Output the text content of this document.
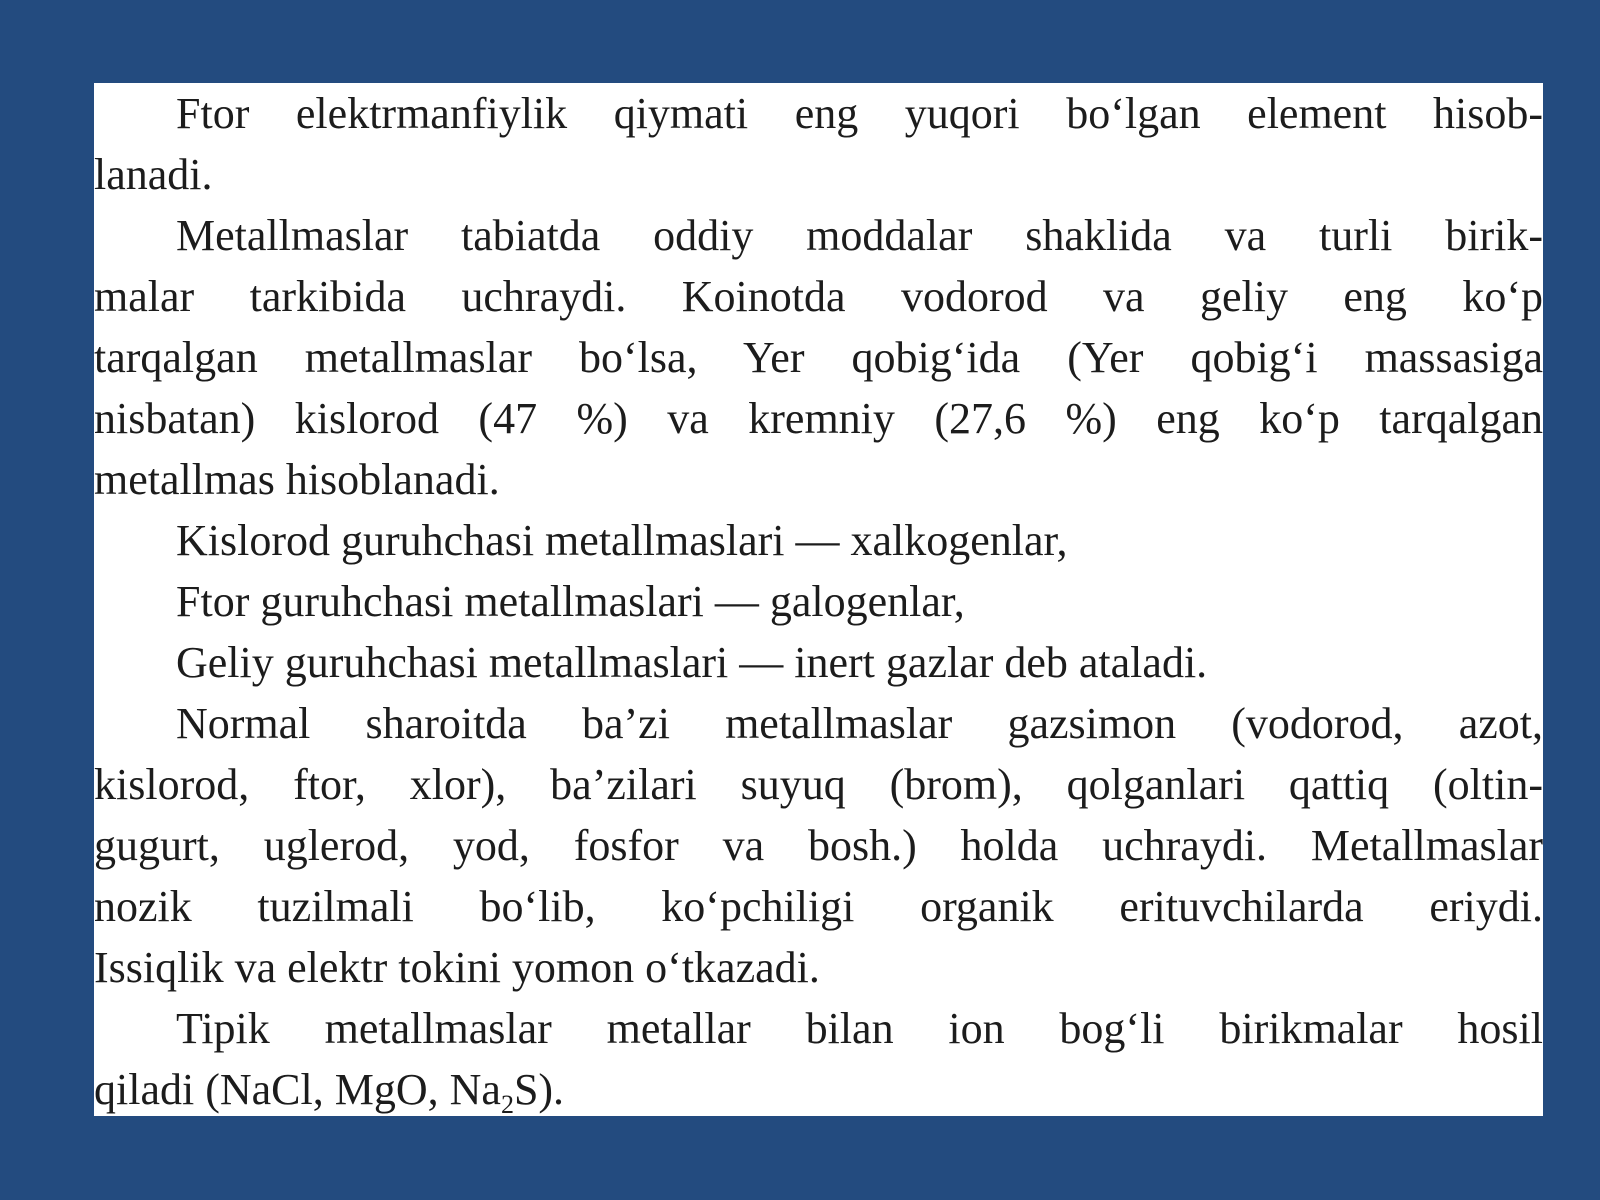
Ftor elektrmanfiylik qiymati eng yuqori bo‘lgan element hisob-
lanadi.
Metallmaslar tabiatda oddiy moddalar shaklida va turli birik-
malar tarkibida uchraydi. Koinotda vodorod va geliy eng ko‘p
tarqalgan metallmaslar bo‘lsa, Yer qobig‘ida (Yer qobig‘i massasiga
nisbatan) kislorod (47 %) va kremniy (27,6 %) eng ko‘p tarqalgan
metallmas hisoblanadi.
Kislorod guruhchasi metallmaslari — xalkogenlar,
Ftor guruhchasi metallmaslari — galogenlar,
Geliy guruhchasi metallmaslari — inert gazlar deb ataladi.
Normal sharoitda ba’zi metallmaslar gazsimon (vodorod, azot,
kislorod, ftor, xlor), ba’zilari suyuq (brom), qolganlari qattiq (oltin-
gugurt, uglerod, yod, fosfor va bosh.) holda uchraydi. Metallmaslar
nozik tuzilmali bo‘lib, ko‘pchiligi organik erituvchilarda eriydi.
Issiqlik va elektr tokini yomon o‘tkazadi.
Tipik metallmaslar metallar bilan ion bog‘li birikmalar hosil
qiladi (NaCl, MgO, $Na_2S$).
